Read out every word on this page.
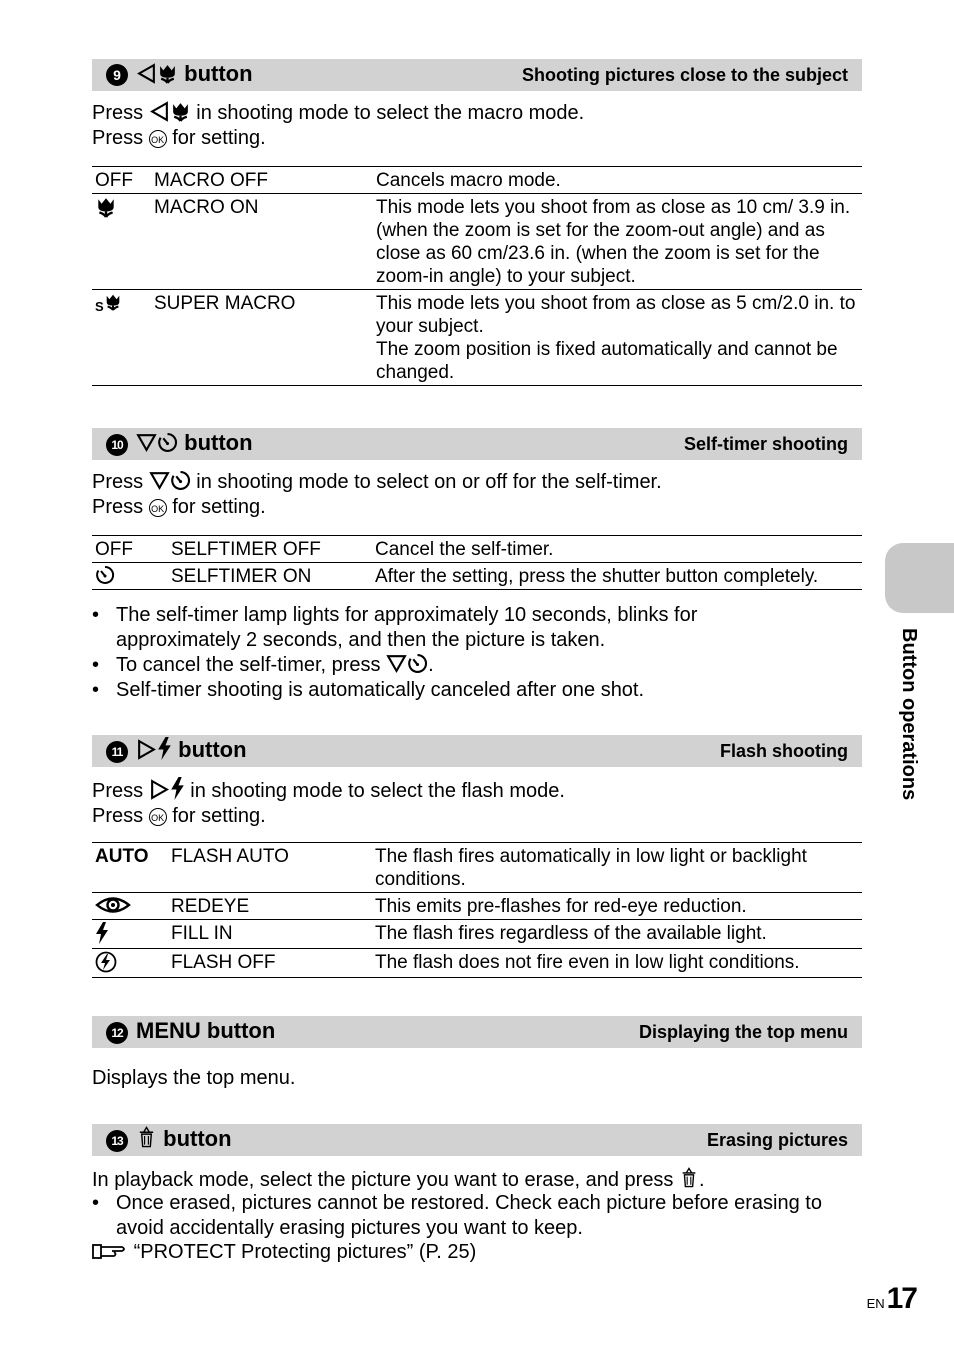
9	button	Shooting pictures close to the subject
Press  in shooting mode to select the macro mode.
Press OK for setting.
OFF	MACRO OFF	Cancels macro mode.
	MACRO ON	This mode lets you shoot from as close as 10 cm/ 3.9 in. (when the zoom is set for the zoom-out angle) and as close as 60 cm/23.6 in. (when the zoom is set for the zoom-in angle) to your subject.
S	SUPER MACRO	This mode lets you shoot from as close as 5 cm/2.0 in. to your subject.
The zoom position is fixed automatically and cannot be changed.
10	button	Self-timer shooting
Press  in shooting mode to select on or off for the self-timer.
Press OK for setting.
OFF	SELFTIMER OFF	Cancel the self-timer.
	SELFTIMER ON	After the setting, press the shutter button completely.
• The self-timer lamp lights for approximately 10 seconds, blinks for approximately 2 seconds, and then the picture is taken.
• To cancel the self-timer, press .
• Self-timer shooting is automatically canceled after one shot.
11	button	Flash shooting
Press  in shooting mode to select the flash mode.
Press OK for setting.
AUTO	FLASH AUTO	The flash fires automatically in low light or backlight conditions.
	REDEYE	This emits pre-flashes for red-eye reduction.
	FILL IN	The flash fires regardless of the available light.
	FLASH OFF	The flash does not fire even in low light conditions.
12 MENU button	Displaying the top menu
Displays the top menu.
13 button	Erasing pictures
In playback mode, select the picture you want to erase, and press .
• Once erased, pictures cannot be restored. Check each picture before erasing to avoid accidentally erasing pictures you want to keep.
“PROTECT Protecting pictures” (P. 25)
Button operations
EN17
